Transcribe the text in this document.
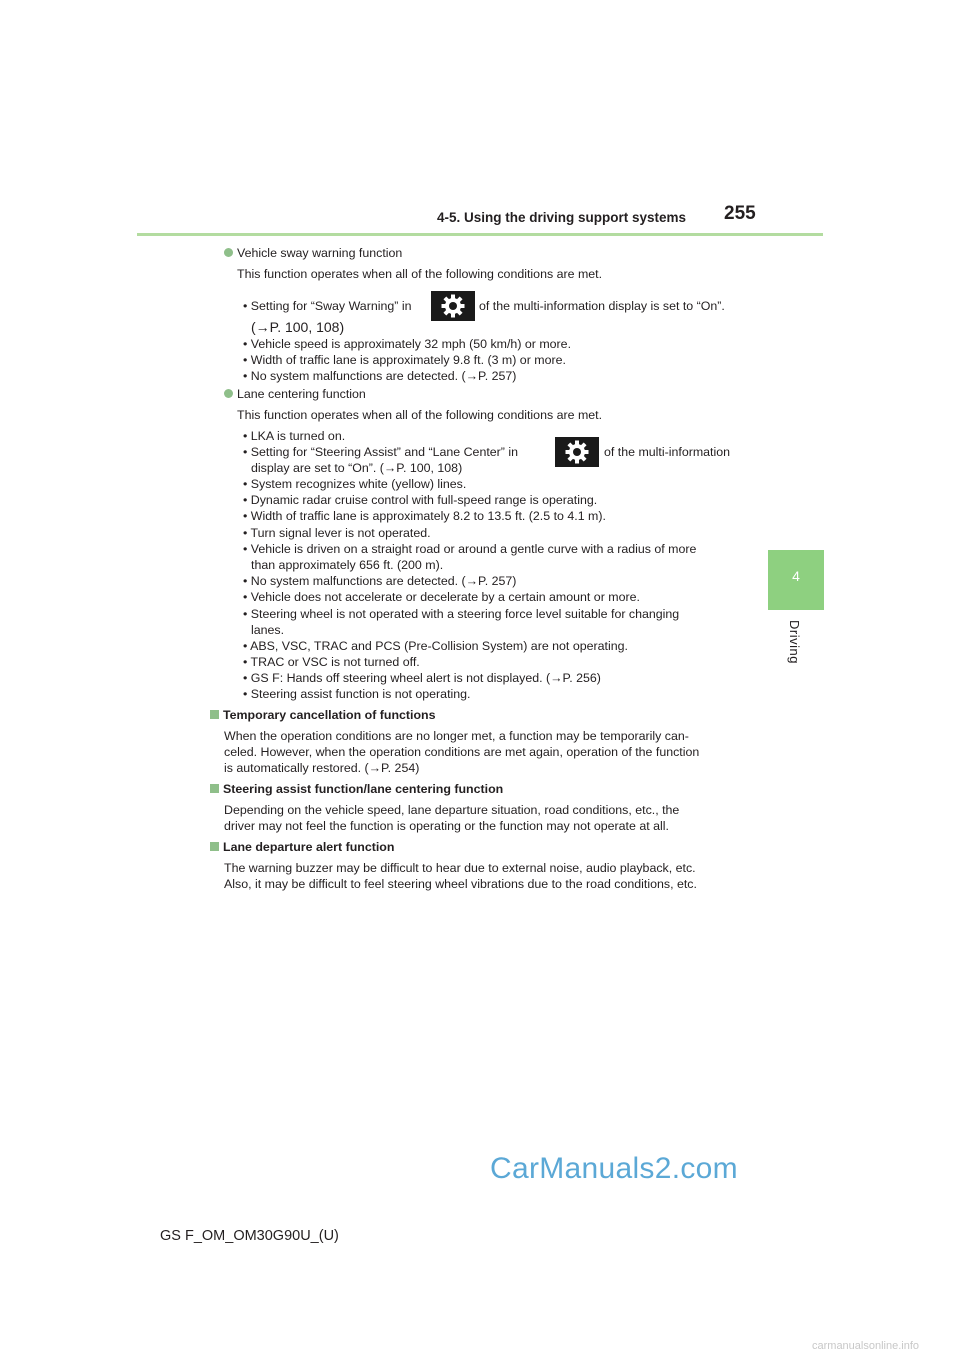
4-5. Using the driving support systems 255
4
Driving
Vehicle sway warning function
This function operates when all of the following conditions are met.
• Setting for “Sway Warning” in	of the multi-information display is set to “On”.
(→P. 100, 108)
• Vehicle speed is approximately 32 mph (50 km/h) or more.
• Width of traffic lane is approximately 9.8 ft. (3 m) or more.
• No system malfunctions are detected. (→P. 257)
Lane centering function
This function operates when all of the following conditions are met.
• LKA is turned on.
• Setting for “Steering Assist” and “Lane Center” in	of the multi-information
display are set to “On”. (→P. 100, 108)
• System recognizes white (yellow) lines.
• Dynamic radar cruise control with full-speed range is operating.
• Width of traffic lane is approximately 8.2 to 13.5 ft. (2.5 to 4.1 m).
• Turn signal lever is not operated.
• Vehicle is driven on a straight road or around a gentle curve with a radius of more
than approximately 656 ft. (200 m).
• No system malfunctions are detected. (→P. 257)
• Vehicle does not accelerate or decelerate by a certain amount or more.
• Steering wheel is not operated with a steering force level suitable for changing
lanes.
• ABS, VSC, TRAC and PCS (Pre-Collision System) are not operating.
• TRAC or VSC is not turned off.
• GS F: Hands off steering wheel alert is not displayed. (→P. 256)
• Steering assist function is not operating.
Temporary cancellation of functions
When the operation conditions are no longer met, a function may be temporarily can-
celed. However, when the operation conditions are met again, operation of the function
is automatically restored. (→P. 254)
Steering assist function/lane centering function
Depending on the vehicle speed, lane departure situation, road conditions, etc., the
driver may not feel the function is operating or the function may not operate at all.
Lane departure alert function
The warning buzzer may be difficult to hear due to external noise, audio playback, etc.
Also, it may be difficult to feel steering wheel vibrations due to the road conditions, etc.
CarManuals2.com
GS F_OM_OM30G90U_(U)
carmanualsonline.info
